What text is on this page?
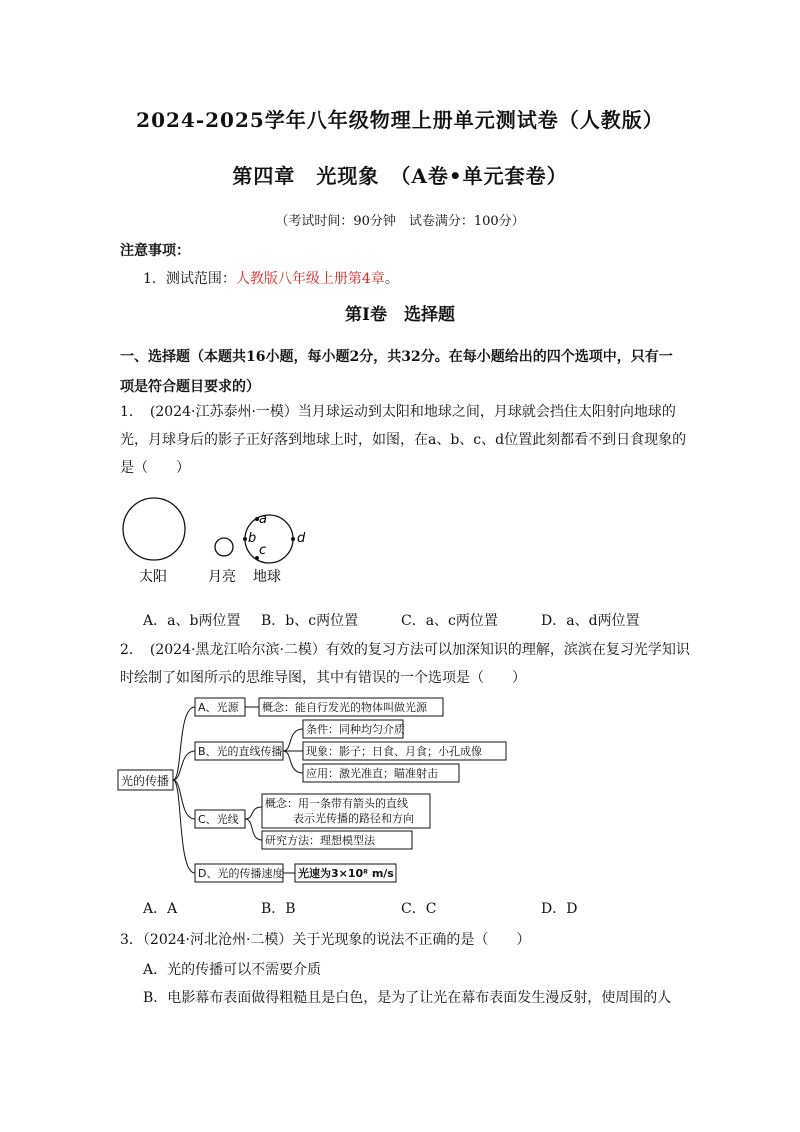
2024-2025学年八年级物理上册单元测试卷（人教版）
第四章　光现象　（A卷•单元套卷）
（考试时间：90分钟　试卷满分：100分）
注意事项：
1．测试范围：人教版八年级上册第4章。
第Ⅰ卷　选择题
一、选择题（本题共16小题，每小题2分，共32分。在每小题给出的四个选项中，只有一项是符合题目要求的）
1．　(2024·江苏泰州·一模）当月球运动到太阳和地球之间，月球就会挡住太阳射向地球的光，月球身后的影子正好落到地球上时，如图，在a、b、c、d位置此刻都看不到日食现象的是（　　）
a
b
c
d
太阳	月亮 地球
A．a、b两位置	B．b、c两位置	C．a、c两位置	D．a、d两位置
2．　(2024·黑龙江哈尔滨·二模）有效的复习方法可以加深知识的理解，滨滨在复习光学知识时绘制了如图所示的思维导图，其中有错误的一个选项是（　　）
光的传播
A、光源
B、光的直线传播
C、光线
D、光的传播速度
概念：能自行发光的物体叫做光源
条件：同种均匀介质
现象：影子；日食、月食；小孔成像
应用：激光准直；瞄准射击
概念：用一条带有箭头的直线
表示光传播的路径和方向
研究方法：理想模型法
光速为3×10⁸ m/s
A．A	B．B	C．C	D．D
3．（2024·河北沧州·二模）关于光现象的说法不正确的是（　　）
A．光的传播可以不需要介质
B．电影幕布表面做得粗糙且是白色，是为了让光在幕布表面发生漫反射，使周围的人
